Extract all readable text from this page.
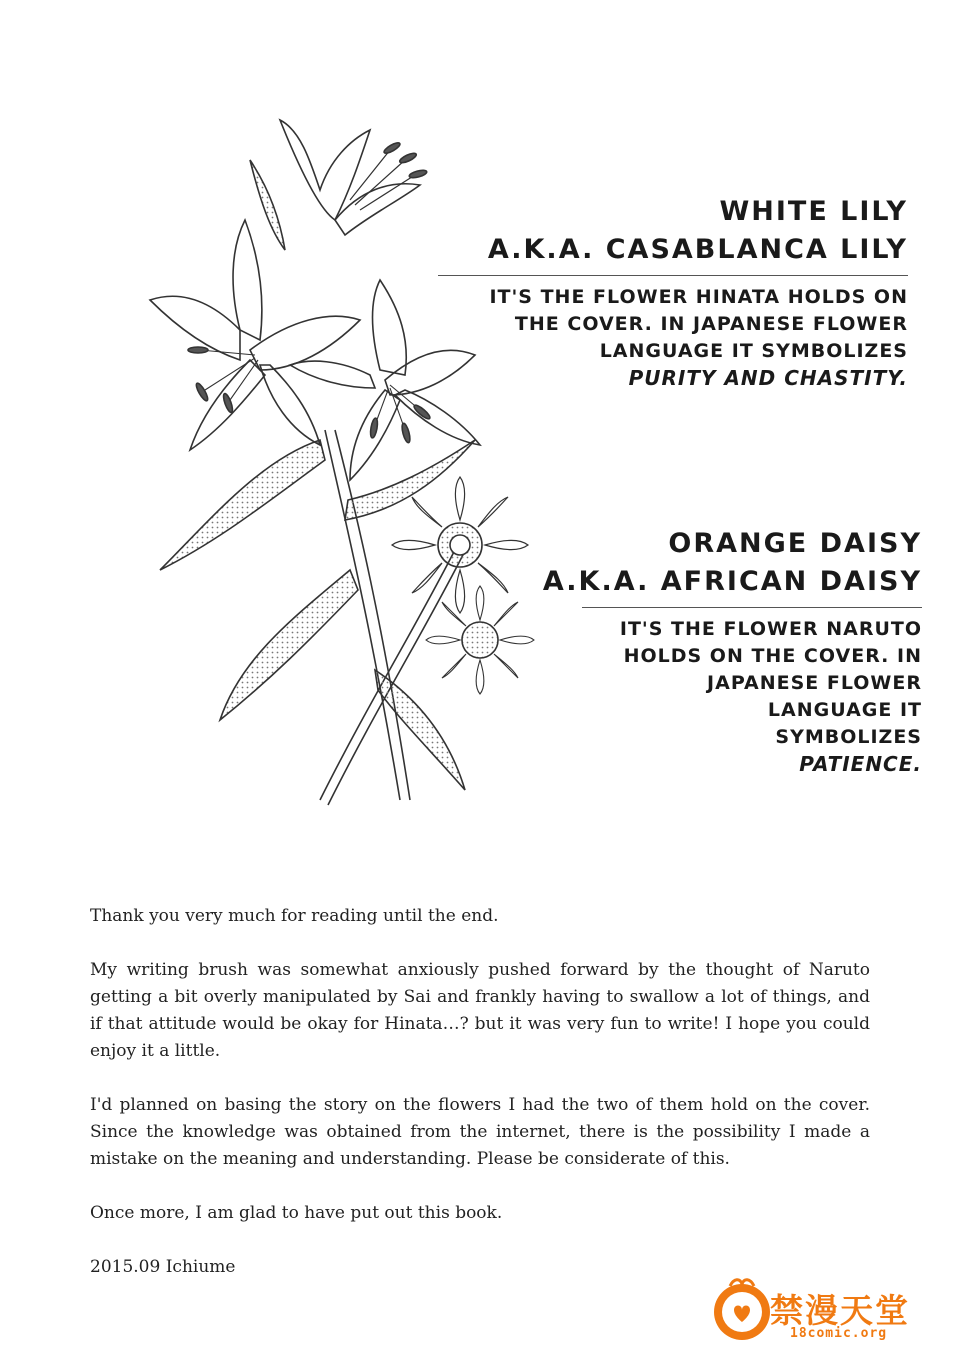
WHITE LILY
A.K.A. CASABLANCA LILY
IT'S THE FLOWER HINATA HOLDS ON
THE COVER. IN JAPANESE FLOWER
LANGUAGE IT SYMBOLIZES
PURITY AND CHASTITY.
ORANGE DAISY
A.K.A. AFRICAN DAISY
IT'S THE FLOWER NARUTO
HOLDS ON THE COVER. IN
JAPANESE FLOWER
LANGUAGE IT
SYMBOLIZES
PATIENCE.

Thank you very much for reading until the end.

My writing brush was somewhat anxiously pushed forward by the thought of Naruto getting a bit overly manipulated by Sai and frankly having to swallow a lot of things, and if that attitude would be okay for Hinata…? but it was very fun to write! I hope you could enjoy it a little.

I'd planned on basing the story on the flowers I had the two of them hold on the cover. Since the knowledge was obtained from the internet, there is the possibility I made a mistake on the meaning and understanding. Please be considerate of this.

Once more, I am glad to have put out this book.

2015.09 Ichiume

禁漫天堂
18comic.org
